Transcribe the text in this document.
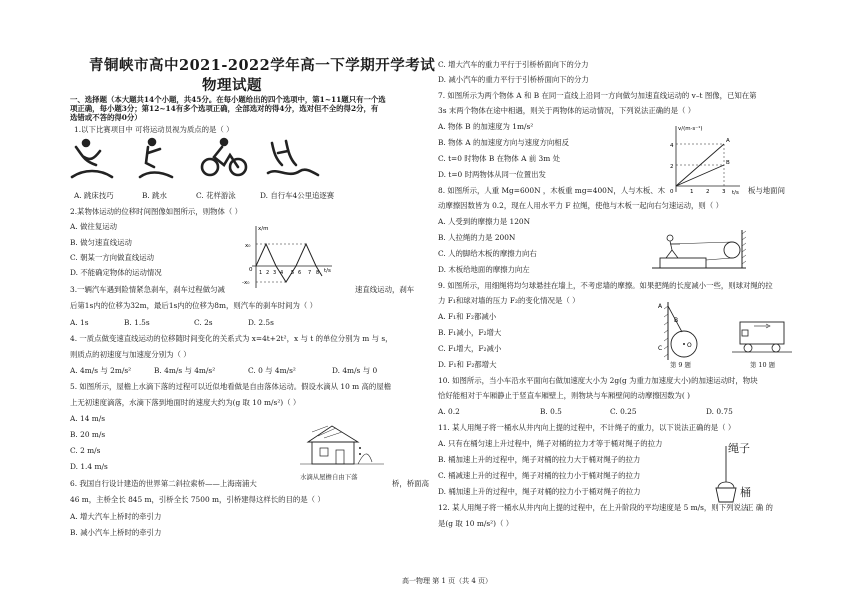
青铜峡市高中2021-2022学年高一下学期开学考试
物理试题
一、选择题（本大题共14个小题，共45分。在每小题给出的四个选项中，第1~11题只有一个选
项正确，每小题3分；第12~14有多个选项正确，全部选对的得4分，选对但不全的得2分，有
选错或不答的得0分）
1.以下比赛项目中 可将运动员视为质点的是（ ）
A. 跳床技巧	B. 跳水	C. 花样游泳	D. 自行车4公里追逐赛
2.某物体运动的位移时间图像如图所示，则物体（ ）
A. 做往复运动
B. 做匀速直线运动
C. 朝某一方向做直线运动
D. 不能确定物体的运动情况
x/m
t/s
0
x₀
-x₀
1 2 3 4 5 6 7 8
3.一辆汽车遇到险情紧急刹车，刹车过程做匀减	速直线运动，刹车
后第1s内的位移为32m，最后1s内的位移为8m，则汽车的刹车时间为（ ）
A. 1s	B. 1.5s	C. 2s	D. 2.5s
4. 一质点做变速直线运动的位移随时间变化的关系式为 x=4t+2t²，x 与 t 的单位分别为 m 与 s，
则质点的初速度与加速度分别为（ ）
A. 4m/s 与 2m/s²	B. 4m/s 与 4m/s²	C. 0 与 4m/s²	D. 4m/s 与 0
5. 如图所示，屋檐上水滴下落的过程可以近似地看做是自由落体运动。假设水滴从 10 m 高的屋檐
上无初速度滴落，水滴下落到地面时的速度大约为(g 取 10 m/s²)（ ）
A. 14 m/s
B. 20 m/s
C. 2 m/s
D. 1.4 m/s
水滴从屋檐自由下落
6. 我国自行设计建造的世界第二斜拉索桥——上海南浦大	桥，桥面高
46 m，主桥全长 845 m，引桥全长 7500 m，引桥建得这样长的目的是（ ）
A. 增大汽车上桥时的牵引力
B. 减小汽车上桥时的牵引力
C. 增大汽车的重力平行于引桥桥面向下的分力
D. 减小汽车的重力平行于引桥桥面向下的分力
7. 如图所示为两个物体 A 和 B 在同一直线上沿同一方向做匀加速直线运动的 v–t 图像，已知在第
3s 末两个物体在途中相遇，则关于两物体的运动情况，下列说法正确的是（ ）
A. 物体 B 的加速度为 1m/s²
B. 物体 A 的加速度方向与速度方向相反
C. t=0 时物体 B 在物体 A 前 3m 处
D. t=0 时两物体从同一位置出发
v/(m·s⁻¹)
t/s
0
4
2
1 2 3
A
B
8. 如图所示，人重 Mg=600N ，木板重 mg=400N，人与木板、木	板与地面间
动摩擦因数皆为 0.2，现在人用水平力 F 拉绳，使他与木板一起向右匀速运动，则（ ）
A. 人受到的摩擦力是 120N
B. 人拉绳的力是 200N
C. 人的脚给木板的摩擦力向右
D. 木板给地面的摩擦力向左
9. 如图所示，用细绳将均匀球悬挂在墙上，不考虑墙的摩擦。如果把绳的长度减小一些，则球对绳的拉
力 F₁和球对墙的压力 F₂的变化情况是（ ）
A. F₁和 F₂都减小
B. F₁减小，F₂增大
C. F₁增大，F₂减小
D. F₁和 F₂都增大
A
B
C	O
第 9 题	第 10 题
10. 如图所示，当小车沿水平面向右做加速度大小为 2g(g 为重力加速度大小)的加速运动时，物块
恰好能相对于车厢静止于竖直车厢壁上，则物块与车厢壁间的动摩擦因数为( )
A. 0.2	B. 0.5	C. 0.25	D. 0.75
11. 某人用绳子将一桶水从井内向上提的过程中，不计绳子的重力，以下说法正确的是（ ）
A. 只有在桶匀速上升过程中，绳子对桶的拉力才等于桶对绳子的拉力
B. 桶加速上升的过程中，绳子对桶的拉力大于桶对绳子的拉力
C. 桶减速上升的过程中，绳子对桶的拉力小于桶对绳子的拉力
D. 桶加速上升的过程中，绳子对桶的拉力小于桶对绳子的拉力
绳子
桶
12. 某人用绳子将一桶水从井内向上提的过程中，在上升阶段的平均速度是 5 m/s，则下列说法
正 确 的
是(g 取 10 m/s²)（ ）
高一物理 第 1 页（共 4 页）
